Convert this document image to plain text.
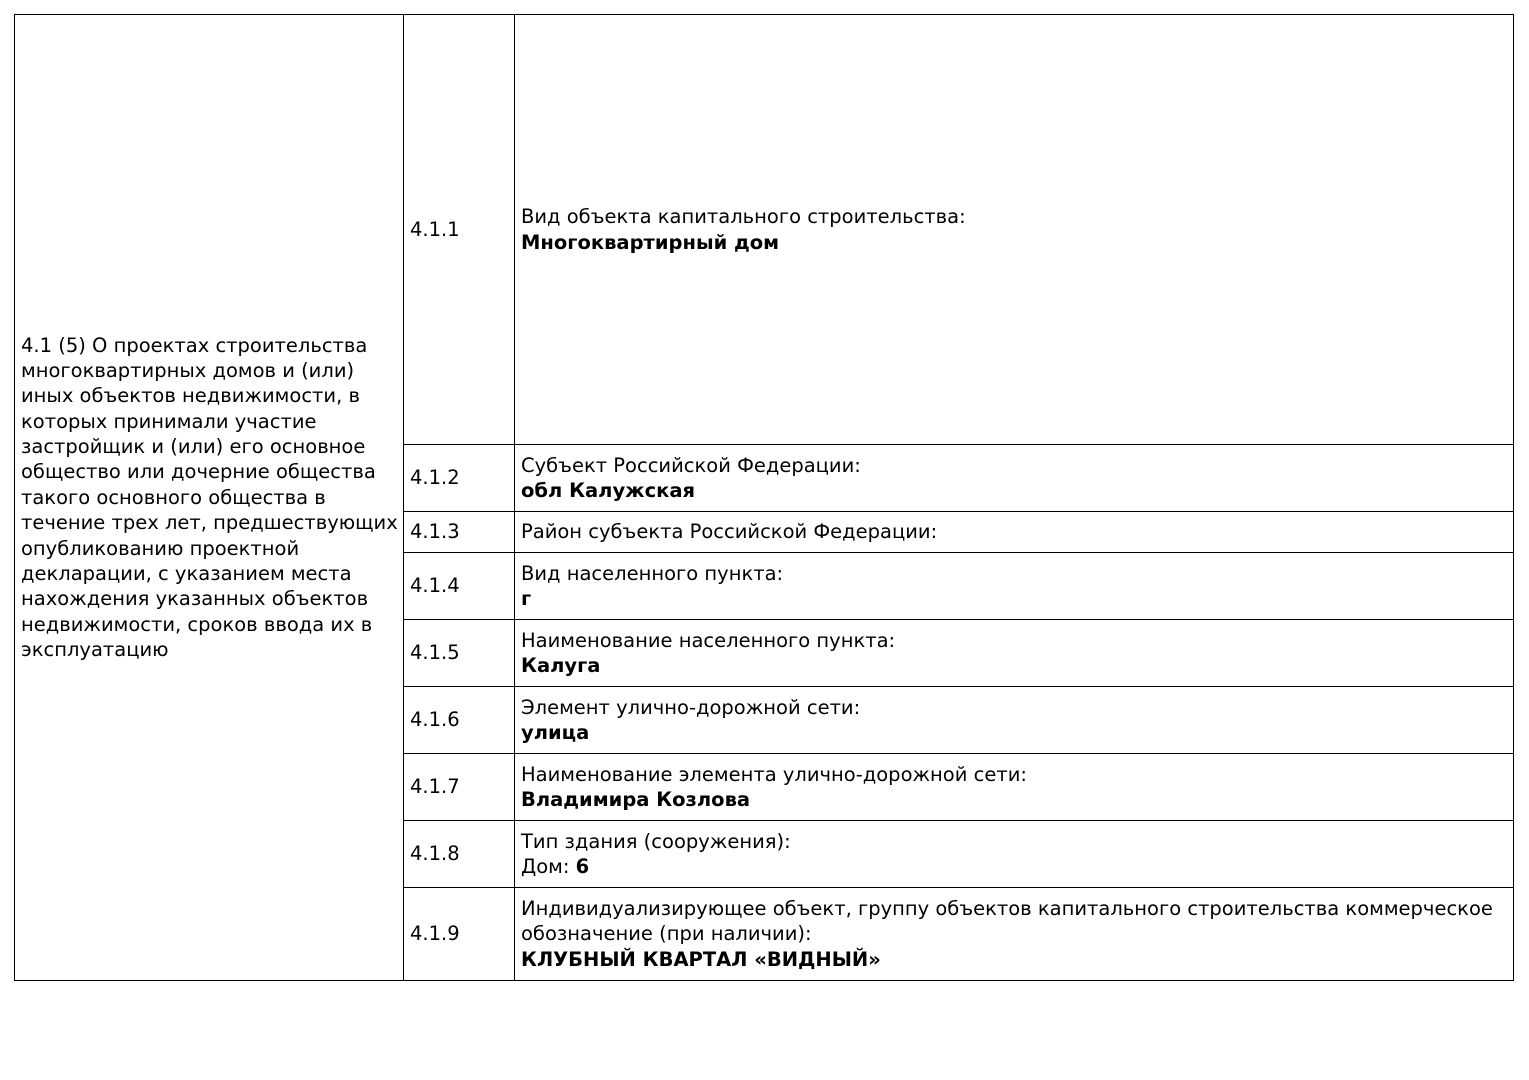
4.1 (5) О проектах строительства многоквартирных домов и (или) иных объектов недвижимости, в которых принимали участие застройщик и (или) его основное общество или дочерние общества такого основного общества в течение трех лет, предшествующих опубликованию проектной декларации, с указанием места нахождения указанных объектов недвижимости, сроков ввода их в эксплуатацию	4.1.1	Вид объекта капитального строительства:
Многоквартирный дом

	4.1.2	Субъект Российской Федерации:
обл Калужская

	4.1.3	Район субъекта Российской Федерации:

	4.1.4	Вид населенного пункта:
г

	4.1.5	Наименование населенного пункта:
Калуга

	4.1.6	Элемент улично-дорожной сети:
улица

	4.1.7	Наименование элемента улично-дорожной сети:
Владимира Козлова

	4.1.8	Тип здания (сооружения):
Дом: 6

	4.1.9	Индивидуализирующее объект, группу объектов капитального строительства коммерческое обозначение (при наличии):
КЛУБНЫЙ КВАРТАЛ «ВИДНЫЙ»
